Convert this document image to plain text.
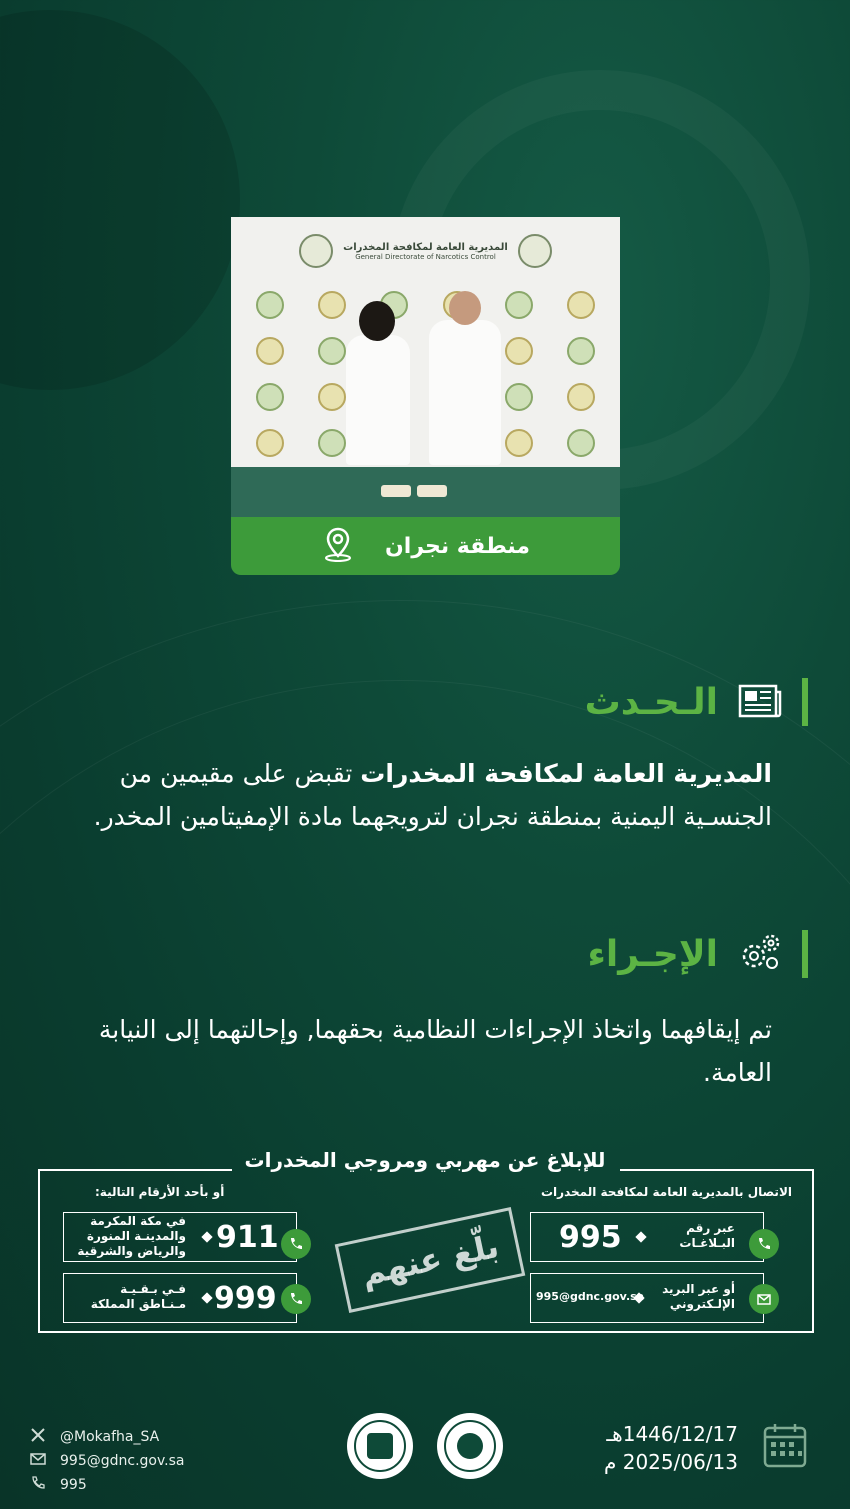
المديرية العامة لمكافحة المخدرات
General Directorate of Narcotics Control
منطقة نجران
الـحـدث
المديرية العامة لمكافحة المخدرات تقبض على مقيمين من الجنسـية اليمنية بمنطقة نجران لترويجهما مادة الإمفيتامين المخدر.
الإجـراء
تم إيقافهما واتخاذ الإجراءات النظامية بحقهما, وإحالتهما إلى النيابة العامة.
للإبلاغ عن مهربي ومروجي المخدرات
الاتصال بالمديرية العامة لمكافحة المخدرات
أو بأحد الأرقام التالية:
عبر رقم
البـلاغـات
995
أو عبر البريد
الإلـكتروني
995@gdnc.gov.sa
في مكة المكرمة
والمدينـة المنورة
والرياض والشرقية 911
فـي بـقـيـة
مـنـاطق المملكة 999
بلّغ عنهم
@Mokafha_SA
995@gdnc.gov.sa
995
1446/12/17هـ
2025/06/13 م
